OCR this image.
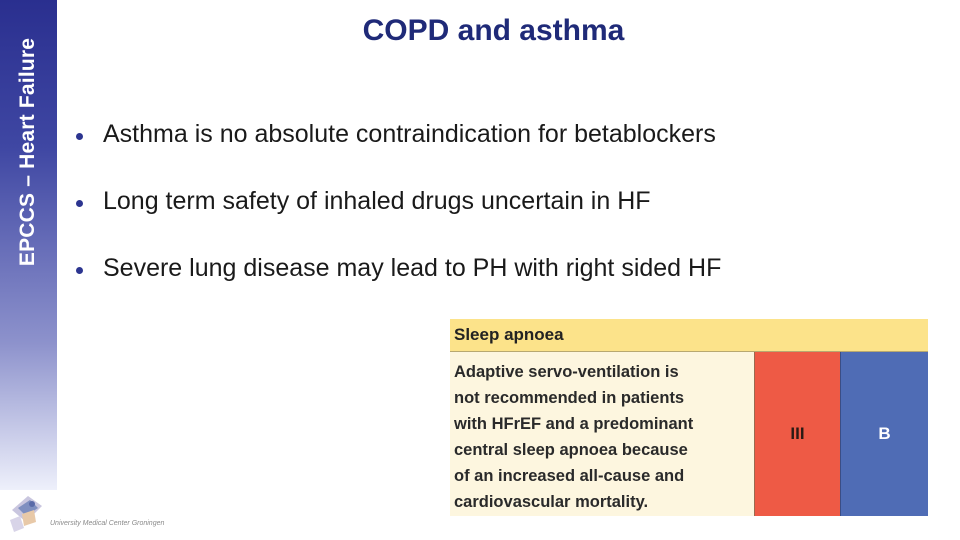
EPCCS – Heart Failure
COPD and asthma
Asthma is no absolute contraindication for betablockers
Long term safety of inhaled drugs uncertain in HF
Severe lung disease may lead to PH with right sided HF
Sleep apnoea
Adaptive servo-ventilation is
not recommended in patients
with HFrEF and a predominant
central sleep apnoea because
of an increased all-cause and
cardiovascular mortality.
III	B
University Medical Center Groningen
